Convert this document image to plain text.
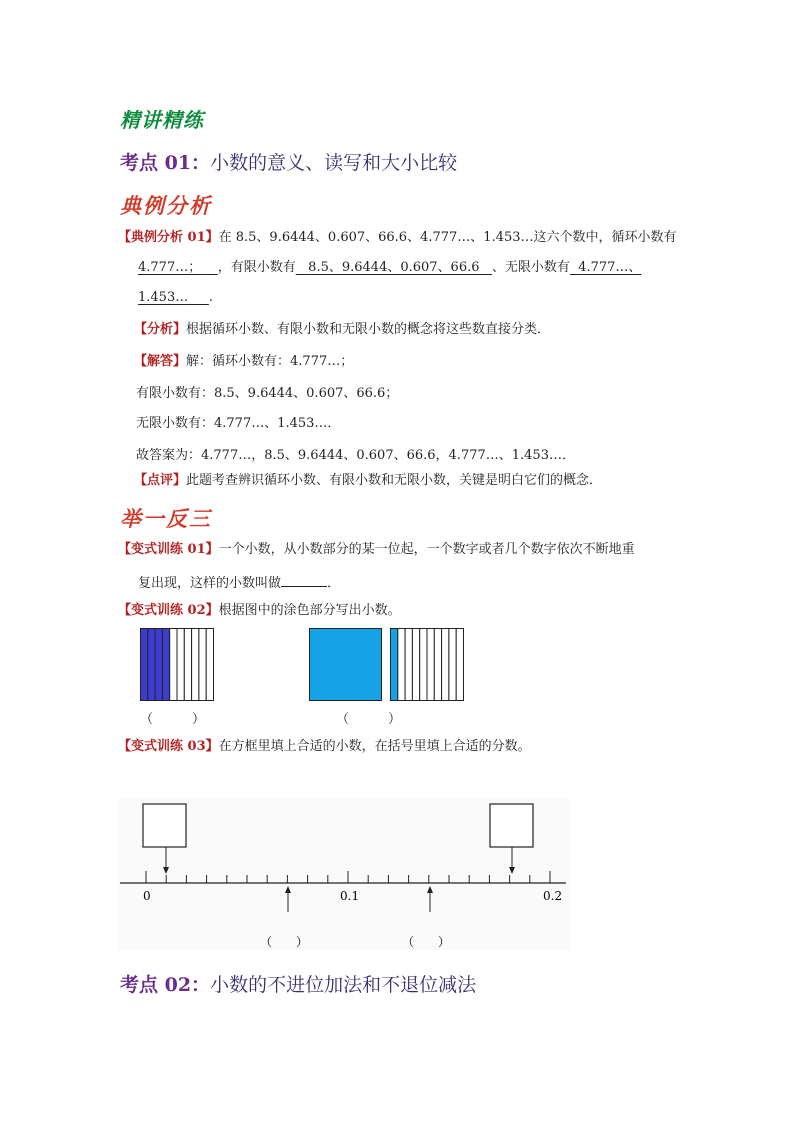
精讲精练
考点 01：小数的意义、读写和大小比较
典例分析
【典例分析 01】在 8.5、9.6444、0.607、66.6、4.777…、1.453…这六个数中，循环小数有
4.777…； ，有限小数有 8.5、9.6444、0.607、66.6 、无限小数有 4.777…、
1.453… .
【分析】根据循环小数、有限小数和无限小数的概念将这些数直接分类．
【解答】解：循环小数有：4.777…；
有限小数有：8.5、9.6444、0.607、66.6；
无限小数有：4.777…、1.453…．
故答案为：4.777…，8.5、9.6444、0.607、66.6，4.777…、1.453…．
【点评】此题考查辨识循环小数、有限小数和无限小数，关键是明白它们的概念．
举一反三
【变式训练 01】一个小数，从小数部分的某一位起，一个数字或者几个数字依次不断地重
复出现，这样的小数叫做	．
【变式训练 02】根据图中的涂色部分写出小数。
（　　　）	（　　　）
【变式训练 03】在方框里填上合适的小数，在括号里填上合适的分数。
0	0.1	0.2
（　　）	（　　）
考点 02：小数的不进位加法和不退位减法
